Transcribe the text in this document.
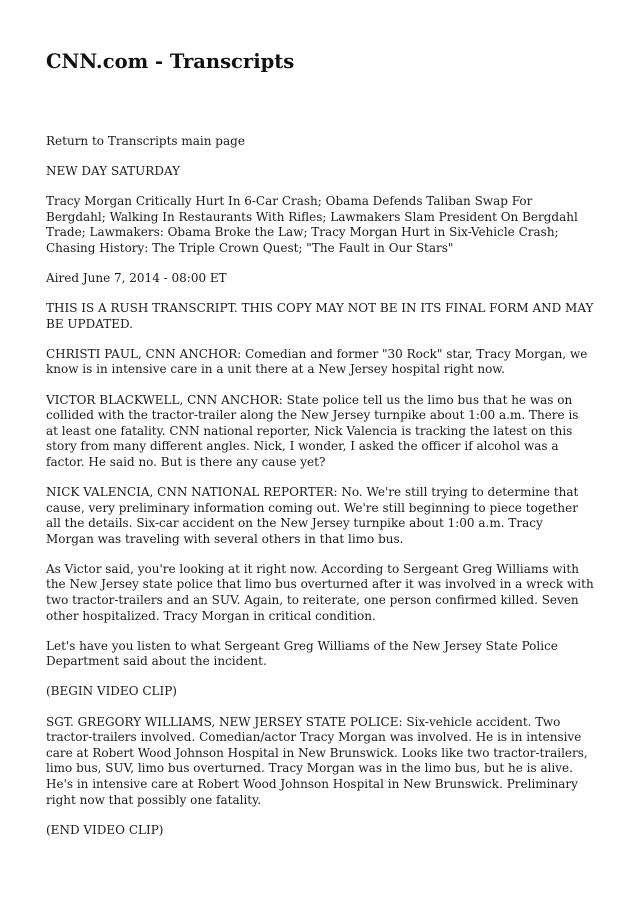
CNN.com - Transcripts

Return to Transcripts main page

NEW DAY SATURDAY

Tracy Morgan Critically Hurt In 6-Car Crash; Obama Defends Taliban Swap For Bergdahl; Walking In Restaurants With Rifles; Lawmakers Slam President On Bergdahl Trade; Lawmakers: Obama Broke the Law; Tracy Morgan Hurt in Six-Vehicle Crash; Chasing History: The Triple Crown Quest; "The Fault in Our Stars"

Aired June 7, 2014 - 08:00 ET

THIS IS A RUSH TRANSCRIPT. THIS COPY MAY NOT BE IN ITS FINAL FORM AND MAY BE UPDATED.

CHRISTI PAUL, CNN ANCHOR: Comedian and former "30 Rock" star, Tracy Morgan, we know is in intensive care in a unit there at a New Jersey hospital right now.

VICTOR BLACKWELL, CNN ANCHOR: State police tell us the limo bus that he was on collided with the tractor-trailer along the New Jersey turnpike about 1:00 a.m. There is at least one fatality. CNN national reporter, Nick Valencia is tracking the latest on this story from many different angles. Nick, I wonder, I asked the officer if alcohol was a factor. He said no. But is there any cause yet?

NICK VALENCIA, CNN NATIONAL REPORTER: No. We're still trying to determine that cause, very preliminary information coming out. We're still beginning to piece together all the details. Six-car accident on the New Jersey turnpike about 1:00 a.m. Tracy Morgan was traveling with several others in that limo bus.

As Victor said, you're looking at it right now. According to Sergeant Greg Williams with the New Jersey state police that limo bus overturned after it was involved in a wreck with two tractor-trailers and an SUV. Again, to reiterate, one person confirmed killed. Seven other hospitalized. Tracy Morgan in critical condition.

Let's have you listen to what Sergeant Greg Williams of the New Jersey State Police Department said about the incident.

(BEGIN VIDEO CLIP)

SGT. GREGORY WILLIAMS, NEW JERSEY STATE POLICE: Six-vehicle accident. Two tractor-trailers involved. Comedian/actor Tracy Morgan was involved. He is in intensive care at Robert Wood Johnson Hospital in New Brunswick. Looks like two tractor-trailers, limo bus, SUV, limo bus overturned. Tracy Morgan was in the limo bus, but he is alive. He's in intensive care at Robert Wood Johnson Hospital in New Brunswick. Preliminary right now that possibly one fatality.

(END VIDEO CLIP)
